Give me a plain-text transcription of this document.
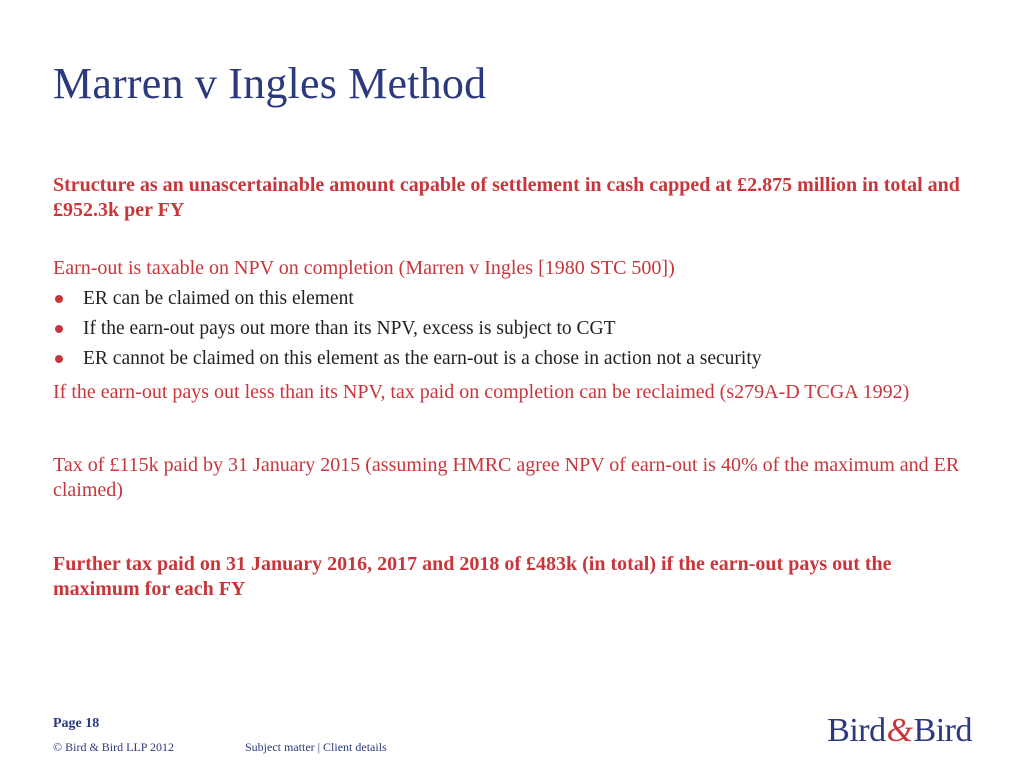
Marren v Ingles Method
Structure as an unascertainable amount capable of settlement in cash capped at £2.875 million in total and £952.3k per FY
Earn-out is taxable on NPV on completion (Marren v Ingles [1980 STC 500])
ER can be claimed on this element
If the earn-out pays out more than its NPV, excess is subject to CGT
ER cannot be claimed on this element as the earn-out is a chose in action not a security
If the earn-out pays out less than its NPV, tax paid on completion can be reclaimed (s279A-D TCGA 1992)
Tax of £115k paid by 31 January 2015 (assuming HMRC agree NPV of earn-out is 40% of the maximum and ER claimed)
Further tax paid on 31 January 2016, 2017 and 2018 of £483k (in total) if the earn-out pays out the maximum for each FY
Page 18
© Bird & Bird LLP 2012	Subject matter | Client details	Bird&Bird
